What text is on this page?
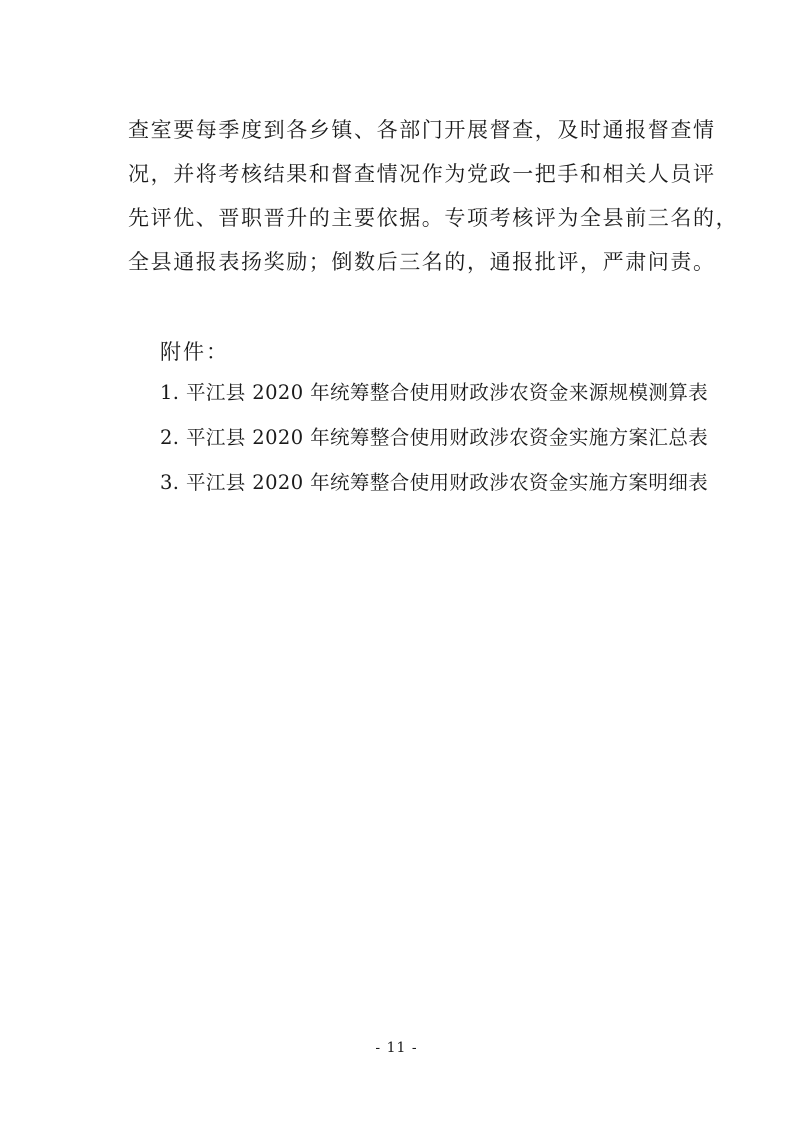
查室要每季度到各乡镇、各部门开展督查，及时通报督查情
况，并将考核结果和督查情况作为党政一把手和相关人员评
先评优、晋职晋升的主要依据。专项考核评为全县前三名的，
全县通报表扬奖励；倒数后三名的，通报批评，严肃问责。
附件：
1. 平江县 2020 年统筹整合使用财政涉农资金来源规模测算表
2. 平江县 2020 年统筹整合使用财政涉农资金实施方案汇总表
3. 平江县 2020 年统筹整合使用财政涉农资金实施方案明细表
- 11 -
